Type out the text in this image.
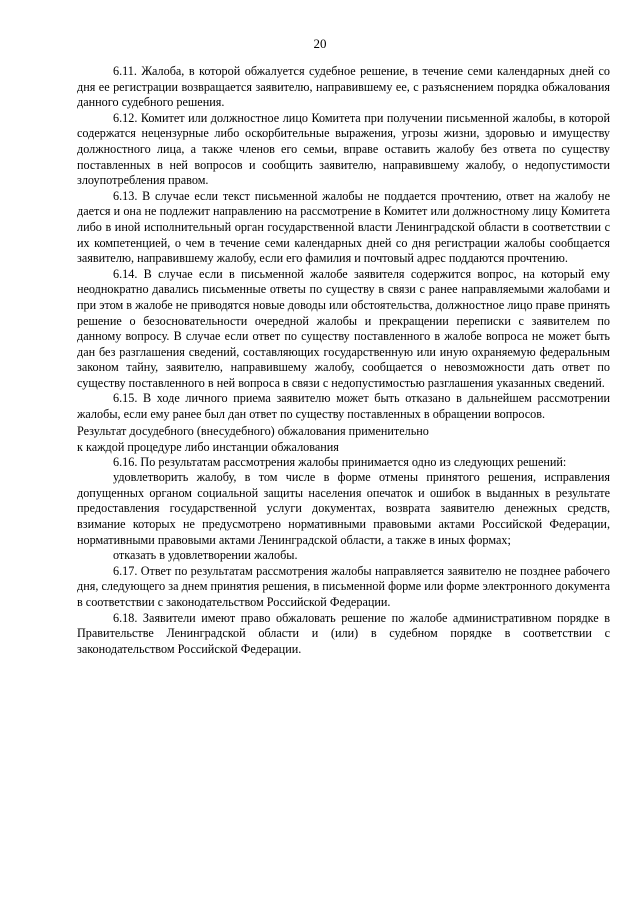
20

6.11. Жалоба, в которой обжалуется судебное решение, в течение семи календарных дней со дня ее регистрации возвращается заявителю, направившему ее, с разъяснением порядка обжалования данного судебного решения.

6.12. Комитет или должностное лицо Комитета при получении письменной жалобы, в которой содержатся нецензурные либо оскорбительные выражения, угрозы жизни, здоровью и имуществу должностного лица, а также членов его семьи, вправе оставить жалобу без ответа по существу поставленных в ней вопросов и сообщить заявителю, направившему жалобу, о недопустимости злоупотребления правом.

6.13. В случае если текст письменной жалобы не поддается прочтению, ответ на жалобу не дается и она не подлежит направлению на рассмотрение в Комитет или должностному лицу Комитета либо в иной исполнительный орган государственной власти Ленинградской области в соответствии с их компетенцией, о чем в течение семи календарных дней со дня регистрации жалобы сообщается заявителю, направившему жалобу, если его фамилия и почтовый адрес поддаются прочтению.

6.14. В случае если в письменной жалобе заявителя содержится вопрос, на который ему неоднократно давались письменные ответы по существу в связи с ранее направляемыми жалобами и при этом в жалобе не приводятся новые доводы или обстоятельства, должностное лицо праве принять решение о безосновательности очередной жалобы и прекращении переписки с заявителем по данному вопросу. В случае если ответ по существу поставленного в жалобе вопроса не может быть дан без разглашения сведений, составляющих государственную или иную охраняемую федеральным законом тайну, заявителю, направившему жалобу, сообщается о невозможности дать ответ по существу поставленного в ней вопроса в связи с недопустимостью разглашения указанных сведений.

6.15. В ходе личного приема заявителю может быть отказано в дальнейшем рассмотрении жалобы, если ему ранее был дан ответ по существу поставленных в обращении вопросов.

Результат досудебного (внесудебного) обжалования применительно
к каждой процедуре либо инстанции обжалования

6.16. По результатам рассмотрения жалобы принимается одно из следующих решений:

удовлетворить жалобу, в том числе в форме отмены принятого решения, исправления допущенных органом социальной защиты населения опечаток и ошибок в выданных в результате предоставления государственной услуги документах, возврата заявителю денежных средств, взимание которых не предусмотрено нормативными правовыми актами Российской Федерации, нормативными правовыми актами Ленинградской области, а также в иных формах;

отказать в удовлетворении жалобы.

6.17. Ответ по результатам рассмотрения жалобы направляется заявителю не позднее рабочего дня, следующего за днем принятия решения, в письменной форме или форме электронного документа в соответствии с законодательством Российской Федерации.

6.18. Заявители имеют право обжаловать решение по жалобе административном порядке в Правительстве Ленинградской области и (или) в судебном порядке в соответствии с законодательством Российской Федерации.
